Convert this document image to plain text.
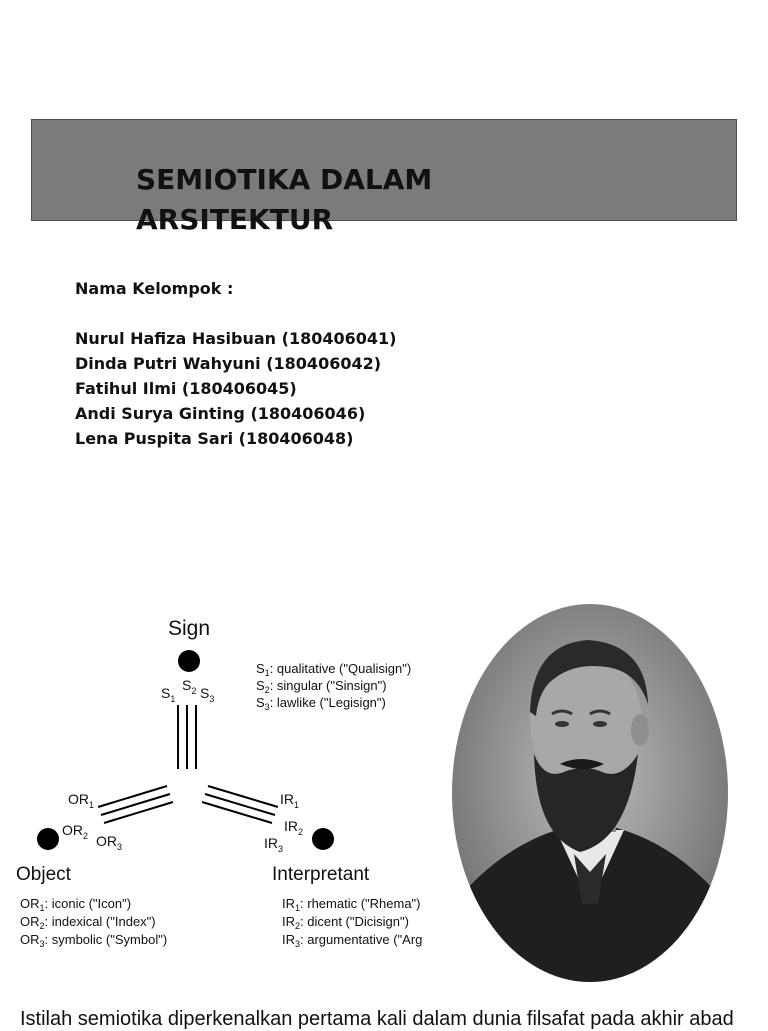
SEMIOTIKA DALAM ARSITEKTUR

Nama Kelompok :

Nurul Hafiza Hasibuan (180406041)
Dinda Putri Wahyuni (180406042)
Fatihul Ilmi (180406045)
Andi Surya Ginting (180406046)
Lena Puspita Sari (180406048)
Sign
$S_1$
$S_2$ $S_3$
$S_1$: qualitative ("Qualisign")
$S_2$: singular ("Sinsign")
$S_3$: lawlike ("Legisign")
$OR_1$
$OR_2$ $OR_3$
Object
$OR_1$: iconic ("Icon")
$OR_2$: indexical ("Index")
$OR_3$: symbolic ("Symbol")
$IR_1$
$IR_2$
$IR_3$
Interpretant
$IR_1$: rhematic ("Rhema")
$IR_2$: dicent ("Dicisign")
$IR_3$: argumentative ("Arg

Istilah semiotika diperkenalkan pertama kali dalam dunia filsafat pada akhir abad
